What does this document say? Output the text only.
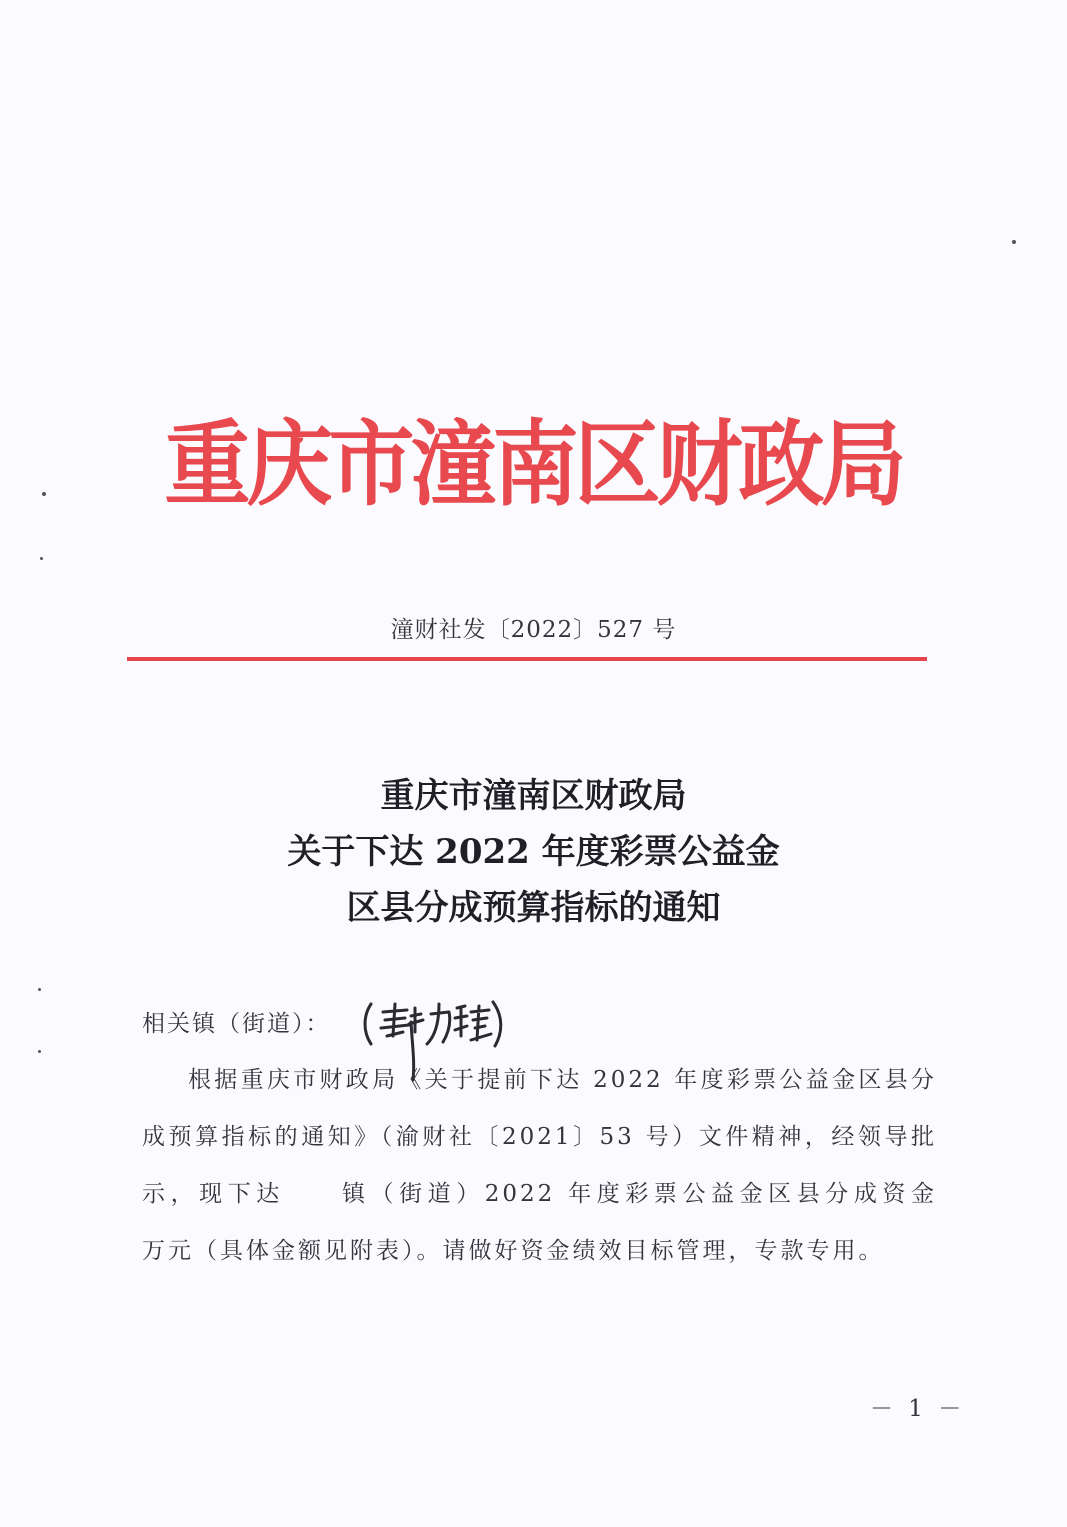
重庆市潼南区财政局
潼财社发〔2022〕527 号
重庆市潼南区财政局
关于下达 2022 年度彩票公益金
区县分成预算指标的通知
相关镇（街道）：
根据重庆市财政局《关于提前下达 2022 年度彩票公益金区县分成预算指标的通知》（渝财社〔2021〕53 号）文件精神，经领导批示，现下达　　镇（街道）2022 年度彩票公益金区县分成资金　　万元（具体金额见附表）。请做好资金绩效目标管理，专款专用。
－ 1 －
